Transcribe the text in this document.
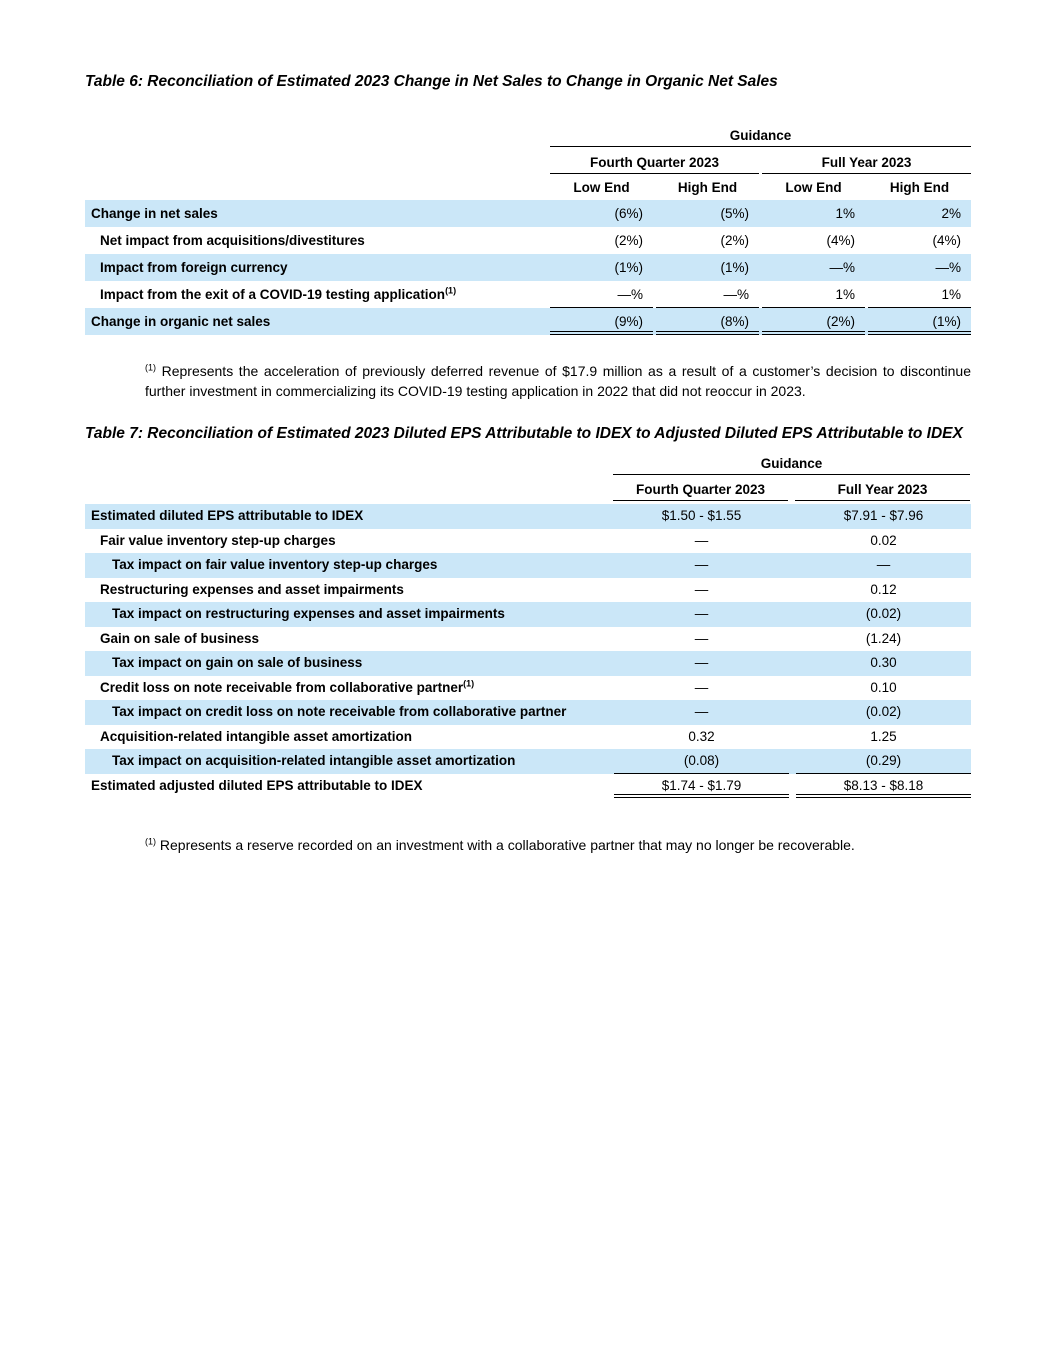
Table 6: Reconciliation of Estimated 2023 Change in Net Sales to Change in Organic Net Sales
Guidance
Fourth Quarter 2023	Full Year 2023
Low End	High End	Low End	High End
Change in net sales	(6%)	(5%)	1%	2%
Net impact from acquisitions/divestitures	(2%)	(2%)	(4%)	(4%)
Impact from foreign currency	(1%)	(1%)	—%	—%
Impact from the exit of a COVID-19 testing application$^{(1)}$	—%	—%	1%	1%
Change in organic net sales	(9%)	(8%)	(2%)	(1%)

$^{(1)}$ Represents the acceleration of previously deferred revenue of $17.9 million as a result of a customer’s decision to discontinue further investment in commercializing its COVID-19 testing application in 2022 that did not reoccur in 2023.

Table 7: Reconciliation of Estimated 2023 Diluted EPS Attributable to IDEX to Adjusted Diluted EPS Attributable to IDEX
Guidance
Fourth Quarter 2023	Full Year 2023
Estimated diluted EPS attributable to IDEX	$1.50 - $1.55	$7.91 - $7.96
Fair value inventory step-up charges	—	0.02
Tax impact on fair value inventory step-up charges	—	—
Restructuring expenses and asset impairments	—	0.12
Tax impact on restructuring expenses and asset impairments	—	(0.02)
Gain on sale of business	—	(1.24)
Tax impact on gain on sale of business	—	0.30
Credit loss on note receivable from collaborative partner$^{(1)}$	—	0.10
Tax impact on credit loss on note receivable from collaborative partner	—	(0.02)
Acquisition-related intangible asset amortization	0.32	1.25
Tax impact on acquisition-related intangible asset amortization	(0.08)	(0.29)
Estimated adjusted diluted EPS attributable to IDEX	$1.74 - $1.79	$8.13 - $8.18

$^{(1)}$ Represents a reserve recorded on an investment with a collaborative partner that may no longer be recoverable.
